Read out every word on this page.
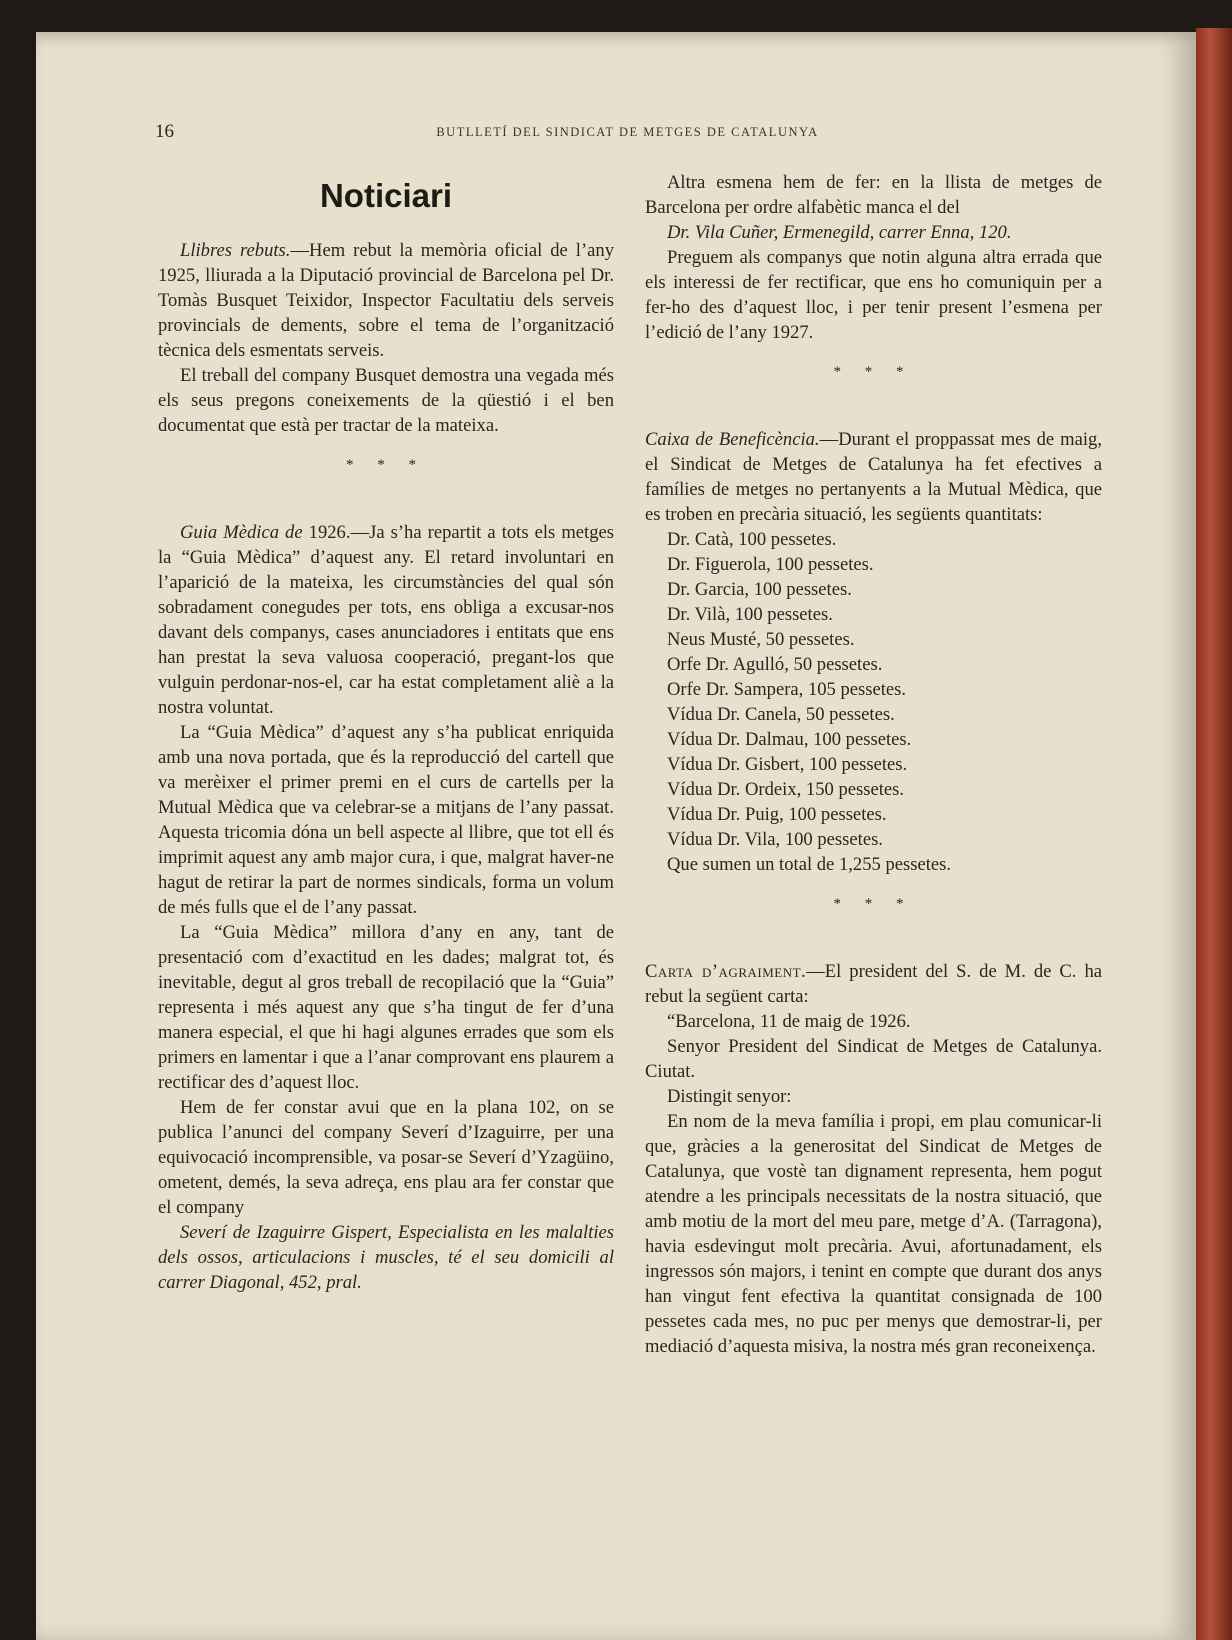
16	BUTLLETÍ DEL SINDICAT DE METGES DE CATALUNYA
Noticiari

Llibres rebuts.—Hem rebut la memòria oficial de l’any 1925, lliurada a la Diputació provincial de Barcelona pel Dr. Tomàs Busquet Teixidor, Inspector Facultatiu dels serveis provincials de dements, sobre el tema de l’organització tècnica dels esmentats serveis.

El treball del company Busquet demostra una vegada més els seus pregons coneixements de la qüestió i el ben documentat que està per tractar de la mateixa.

* * *

Guia Mèdica de 1926.—Ja s’ha repartit a tots els metges la “Guia Mèdica” d’aquest any. El retard involuntari en l’aparició de la mateixa, les circumstàncies del qual són sobradament conegudes per tots, ens obliga a excusar-nos davant dels companys, cases anunciadores i entitats que ens han prestat la seva valuosa cooperació, pregant-los que vulguin perdonar-nos-el, car ha estat completament aliè a la nostra voluntat.

La “Guia Mèdica” d’aquest any s’ha publicat enriquida amb una nova portada, que és la reproducció del cartell que va merèixer el primer premi en el curs de cartells per la Mutual Mèdica que va celebrar-se a mitjans de l’any passat. Aquesta tricomia dóna un bell aspecte al llibre, que tot ell és imprimit aquest any amb major cura, i que, malgrat haver-ne hagut de retirar la part de normes sindicals, forma un volum de més fulls que el de l’any passat.

La “Guia Mèdica” millora d’any en any, tant de presentació com d’exactitud en les dades; malgrat tot, és inevitable, degut al gros treball de recopilació que la “Guia” representa i més aquest any que s’ha tingut de fer d’una manera especial, el que hi hagi algunes errades que som els primers en lamentar i que a l’anar comprovant ens plaurem a rectificar des d’aquest lloc.

Hem de fer constar avui que en la plana 102, on se publica l’anunci del company Severí d’Izaguirre, per una equivocació incomprensible, va posar-se Severí d’Yzagüino, ometent, demés, la seva adreça, ens plau ara fer constar que el company

Severí de Izaguirre Gispert, Especialista en les malalties dels ossos, articulacions i muscles, té el seu domicili al carrer Diagonal, 452, pral.

Altra esmena hem de fer: en la llista de metges de Barcelona per ordre alfabètic manca el del

Dr. Vila Cuñer, Ermenegild, carrer Enna, 120.

Preguem als companys que notin alguna altra errada que els interessi de fer rectificar, que ens ho comuniquin per a fer-ho des d’aquest lloc, i per tenir present l’esmena per l’edició de l’any 1927.

* * *

Caixa de Beneficència.—Durant el proppassat mes de maig, el Sindicat de Metges de Catalunya ha fet efectives a famílies de metges no pertanyents a la Mutual Mèdica, que es troben en precària situació, les següents quantitats:

Dr. Catà, 100 pessetes.
Dr. Figuerola, 100 pessetes.
Dr. Garcia, 100 pessetes.
Dr. Vilà, 100 pessetes.
Neus Musté, 50 pessetes.
Orfe Dr. Agulló, 50 pessetes.
Orfe Dr. Sampera, 105 pessetes.
Vídua Dr. Canela, 50 pessetes.
Vídua Dr. Dalmau, 100 pessetes.
Vídua Dr. Gisbert, 100 pessetes.
Vídua Dr. Ordeix, 150 pessetes.
Vídua Dr. Puig, 100 pessetes.
Vídua Dr. Vila, 100 pessetes.
Que sumen un total de 1,255 pessetes.
* * *

Carta d’agraiment.—El president del S. de M. de C. ha rebut la següent carta:

“Barcelona, 11 de maig de 1926.

Senyor President del Sindicat de Metges de Catalunya. Ciutat.

Distingit senyor:

En nom de la meva família i propi, em plau comunicar-li que, gràcies a la generositat del Sindicat de Metges de Catalunya, que vostè tan dignament representa, hem pogut atendre a les principals necessitats de la nostra situació, que amb motiu de la mort del meu pare, metge d’A. (Tarragona), havia esdevingut molt precària. Avui, afortunadament, els ingressos són majors, i tenint en compte que durant dos anys han vingut fent efectiva la quantitat consignada de 100 pessetes cada mes, no puc per menys que demostrar-li, per mediació d’aquesta misiva, la nostra més gran reconeixença.
